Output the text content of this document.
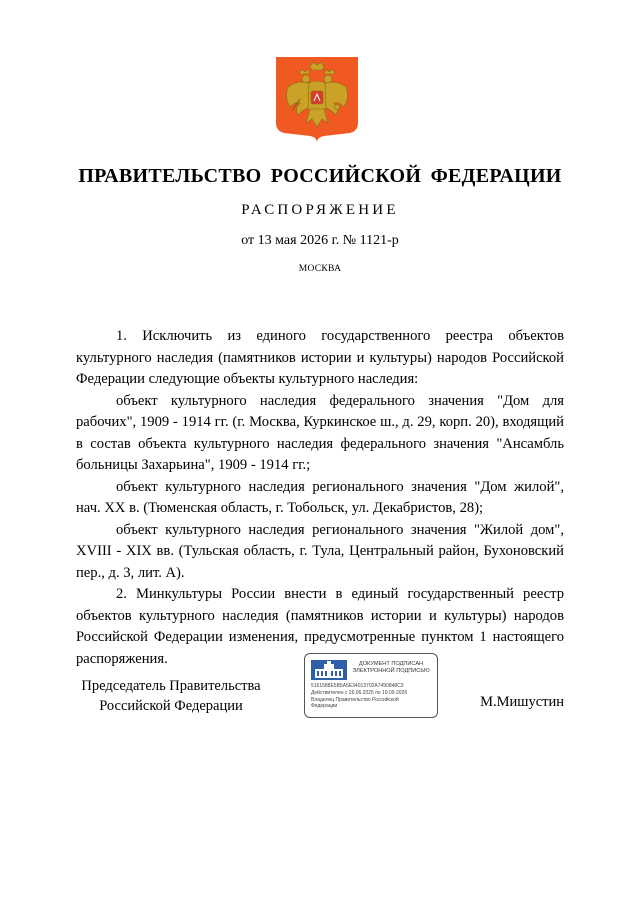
ПРАВИТЕЛЬСТВО РОССИЙСКОЙ ФЕДЕРАЦИИ
РАСПОРЯЖЕНИЕ
от 13 мая 2026 г. № 1121-р
МОСКВА

1. Исключить из единого государственного реестра объектов культурного наследия (памятников истории и культуры) народов Российской Федерации следующие объекты культурного наследия:

объект культурного наследия федерального значения "Дом для рабочих", 1909 - 1914 гг. (г. Москва, Куркинское ш., д. 29, корп. 20), входящий в состав объекта культурного наследия федерального значения "Ансамбль больницы Захарьина", 1909 - 1914 гг.;

объект культурного наследия регионального значения "Дом жилой", нач. XX в. (Тюменская область, г. Тобольск, ул. Декабристов, 28);

объект культурного наследия регионального значения "Жилой дом", XVIII - XIX вв. (Тульская область, г. Тула, Центральный район, Бухоновский пер., д. 3, лит. А).

2. Минкультуры России внести в единый государственный реестр объектов культурного наследия (памятников истории и культуры) народов Российской Федерации изменения, предусмотренные пунктом 1 настоящего распоряжения.

Председатель Правительства
Российской Федерации
ДОКУМЕНТ ПОДПИСАН
ЭЛЕКТРОННОЙ ПОДПИСЬЮ
5161588E5B5A5E34013702A7490848C3
Действителен с 26.06.2025 по 19.09.2026
Владелец Правительство Российской
Федерации	М.Мишустин
